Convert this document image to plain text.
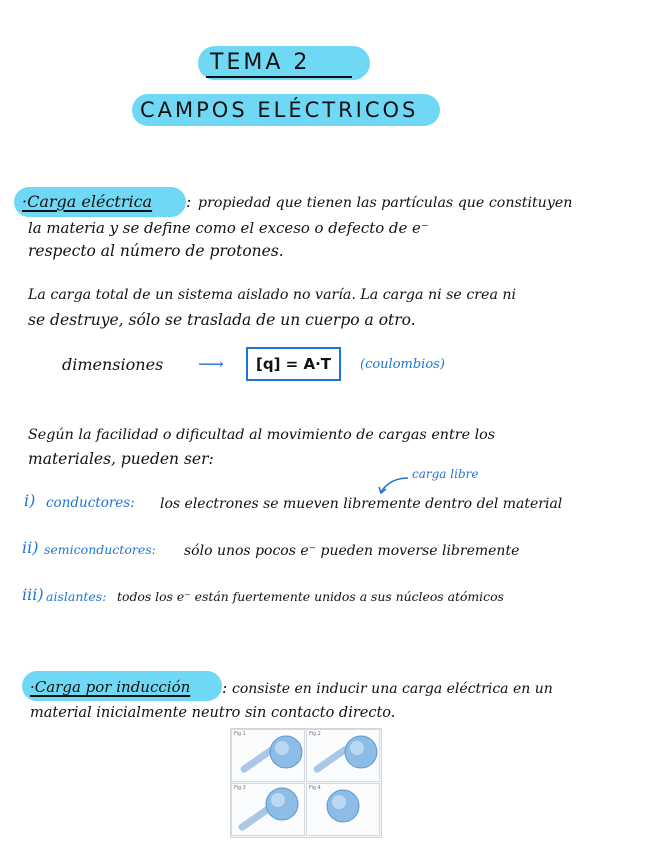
TEMA 2
CAMPOS ELÉCTRICOS
·Carga eléctrica : propiedad que tienen las partículas que constituyen
la materia y se define como el exceso o defecto de e⁻
respecto al número de protones.
La carga total de un sistema aislado no varía. La carga ni se crea ni
se destruye, sólo se traslada de un cuerpo a otro.
dimensiones ⟶	[q] = A·T	(coulombios)
Según la facilidad o dificultad al movimiento de cargas entre los
materiales, pueden ser:
carga libre
i) conductores: los electrones se mueven libremente dentro del material
ii) semiconductores: sólo unos pocos e⁻ pueden moverse libremente
iii) aislantes: todos los e⁻ están fuertemente unidos a sus núcleos atómicos
·Carga por inducción : consiste en inducir una carga eléctrica en un
material inicialmente neutro sin contacto directo.
Fig.1	Fig.2
Fig.3	Fig.4
